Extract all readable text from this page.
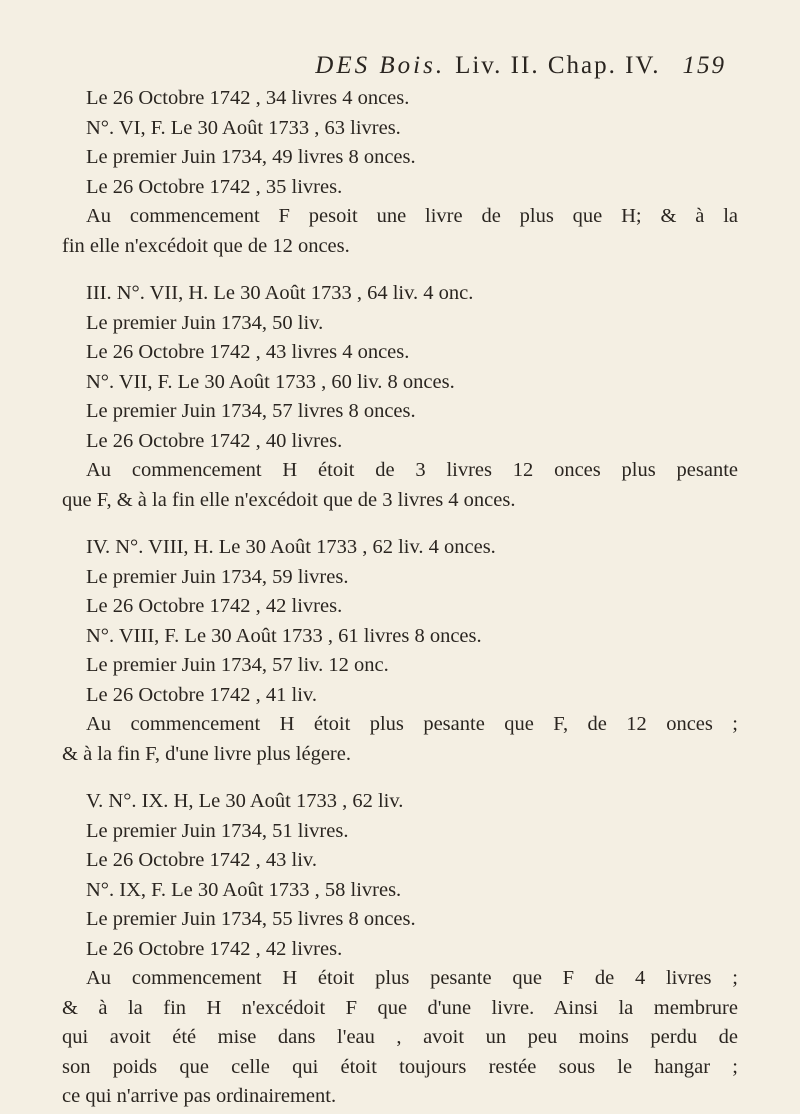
DES Bois. Liv. II. Chap. IV. 159
Le 26 Octobre 1742 , 34 livres 4 onces.
N°. VI, F. Le 30 Août 1733 , 63 livres.
Le premier Juin 1734, 49 livres 8 onces.
Le 26 Octobre 1742 , 35 livres.
Au commencement F pesoit une livre de plus que H; & à la
fin elle n'excédoit que de 12 onces.
III. N°. VII, H. Le 30 Août 1733 , 64 liv. 4 onc.
Le premier Juin 1734, 50 liv.
Le 26 Octobre 1742 , 43 livres 4 onces.
N°. VII, F. Le 30 Août 1733 , 60 liv. 8 onces.
Le premier Juin 1734, 57 livres 8 onces.
Le 26 Octobre 1742 , 40 livres.
Au commencement H étoit de 3 livres 12 onces plus pesante
que F, & à la fin elle n'excédoit que de 3 livres 4 onces.
IV. N°. VIII, H. Le 30 Août 1733 , 62 liv. 4 onces.
Le premier Juin 1734, 59 livres.
Le 26 Octobre 1742 , 42 livres.
N°. VIII, F. Le 30 Août 1733 , 61 livres 8 onces.
Le premier Juin 1734, 57 liv. 12 onc.
Le 26 Octobre 1742 , 41 liv.
Au commencement H étoit plus pesante que F, de 12 onces ;
& à la fin F, d'une livre plus légere.
V. N°. IX. H, Le 30 Août 1733 , 62 liv.
Le premier Juin 1734, 51 livres.
Le 26 Octobre 1742 , 43 liv.
N°. IX, F. Le 30 Août 1733 , 58 livres.
Le premier Juin 1734, 55 livres 8 onces.
Le 26 Octobre 1742 , 42 livres.
Au commencement H étoit plus pesante que F de 4 livres ;
& à la fin H n'excédoit F que d'une livre. Ainsi la membrure
qui avoit été mise dans l'eau , avoit un peu moins perdu de
son poids que celle qui étoit toujours restée sous le hangar ;
ce qui n'arrive pas ordinairement.
